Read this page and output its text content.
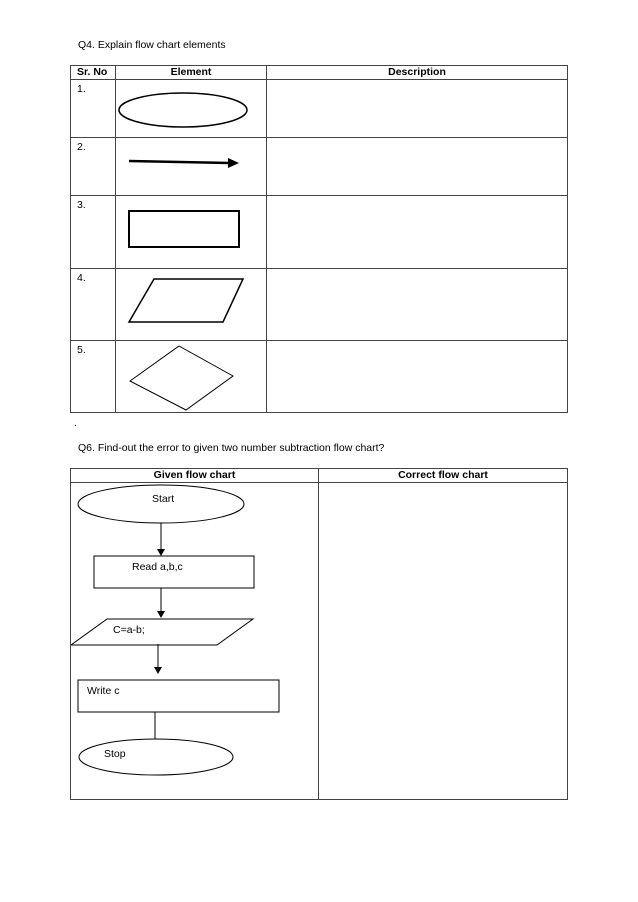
Q4. Explain flow chart elements

Sr. No	Element	Description
1.	

2.	

3.	

4.	

5.	

.

Q6. Find-out the error to given two number subtraction flow chart?

Given flow chart	Correct flow chart

Start
Read a,b,c
C=a-b;
Write c
Stop	
